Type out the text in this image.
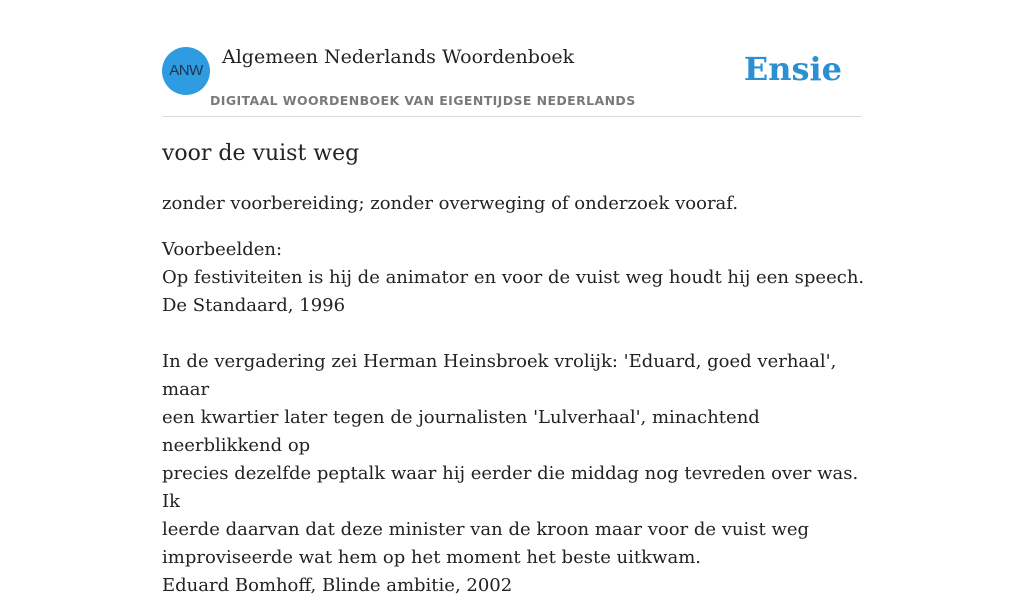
ANW
Algemeen Nederlands Woordenboek
DIGITAAL WOORDENBOEK VAN EIGENTIJDSE NEDERLANDS
Ensie
voor de vuist weg

zonder voorbereiding; zonder overweging of onderzoek vooraf.

Voorbeelden:
Op festiviteiten is hij de animator en voor de vuist weg houdt hij een speech.
De Standaard, 1996
In de vergadering zei Herman Heinsbroek vrolijk: 'Eduard, goed verhaal', maar
een kwartier later tegen de journalisten 'Lulverhaal', minachtend neerblikkend op
precies dezelfde peptalk waar hij eerder die middag nog tevreden over was. Ik
leerde daarvan dat deze minister van de kroon maar voor de vuist weg
improviseerde wat hem op het moment het beste uitkwam.
Eduard Bomhoff, Blinde ambitie, 2002
